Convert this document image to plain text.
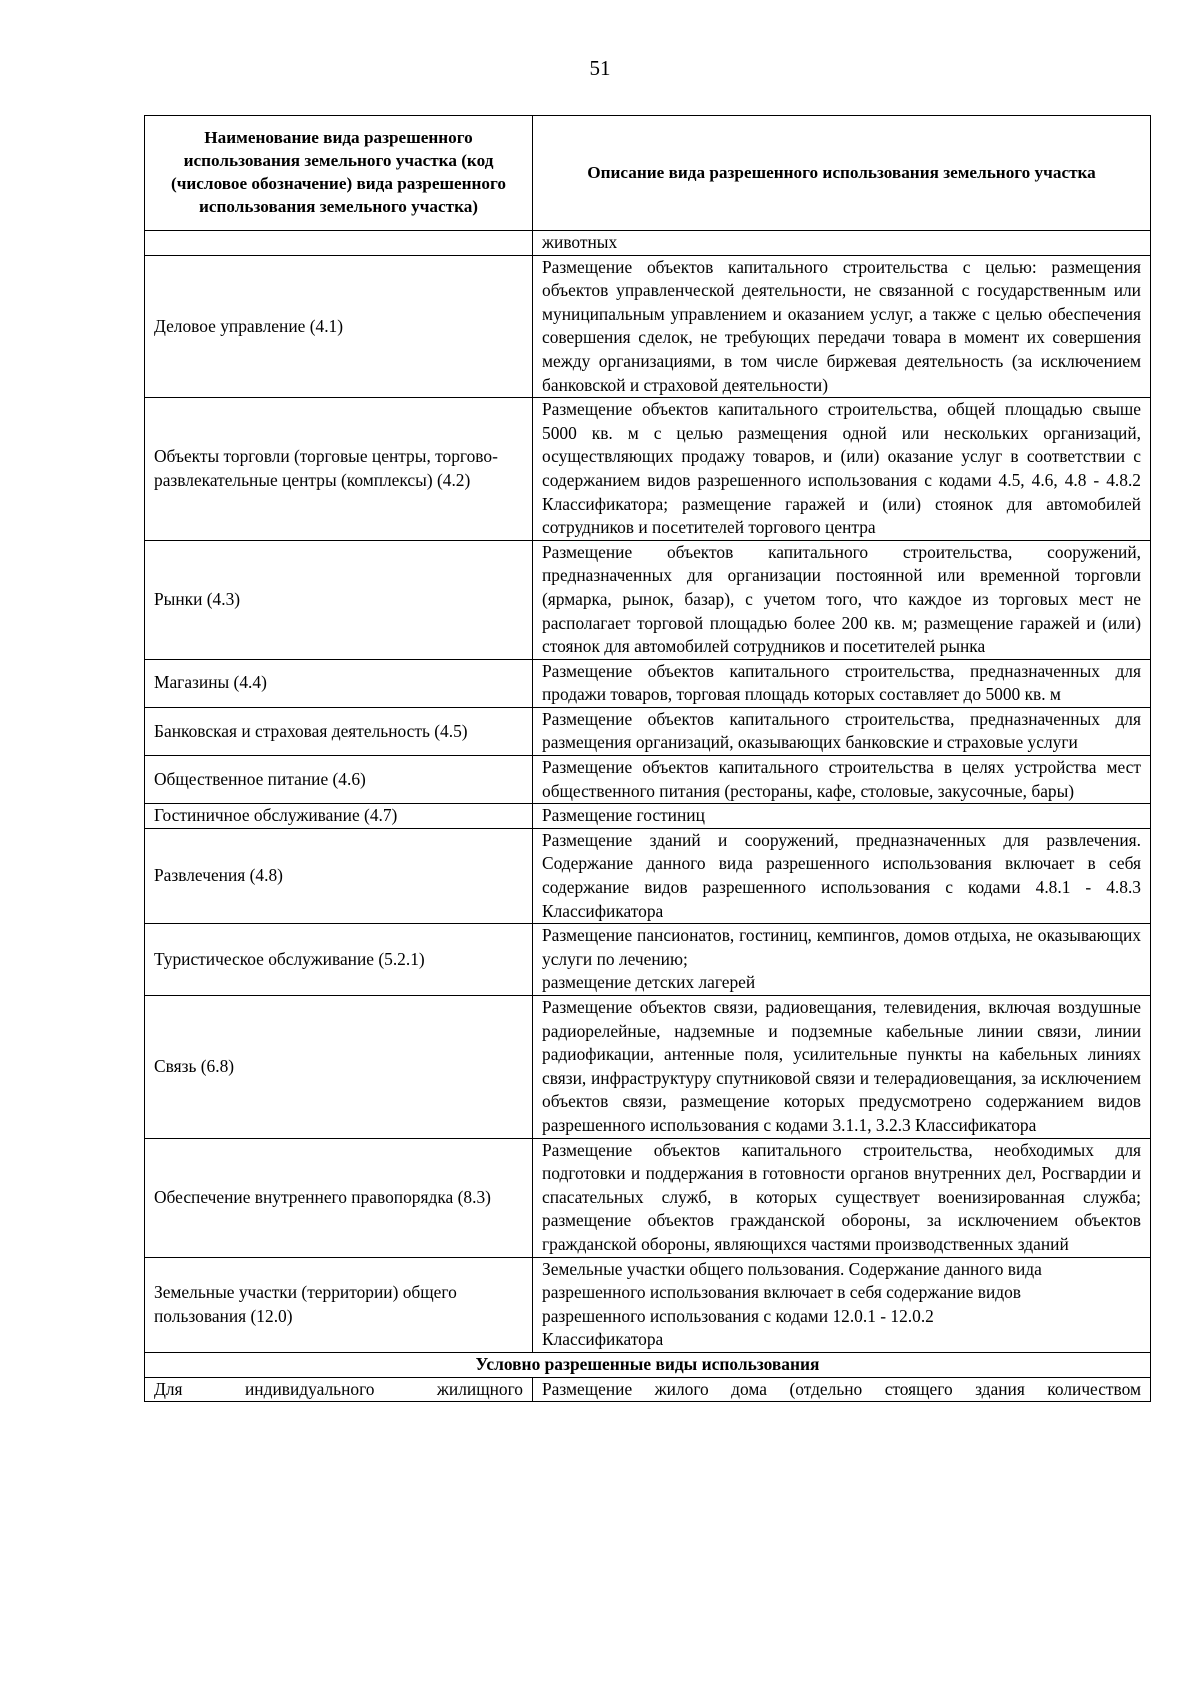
51
Наименование вида разрешенного использования земельного участка (код (числовое обозначение) вида разрешенного использования земельного участка)	Описание вида разрешенного использования земельного участка
	животных
Деловое управление (4.1)	Размещение объектов капитального строительства с целью: размещения объектов управленческой деятельности, не связанной с государственным или муниципальным управлением и оказанием услуг, а также с целью обеспечения совершения сделок, не требующих передачи товара в момент их совершения между организациями, в том числе биржевая деятельность (за исключением банковской и страховой деятельности)
Объекты торговли (торговые центры, торгово-развлекательные центры (комплексы) (4.2)	Размещение объектов капитального строительства, общей площадью свыше 5000 кв. м с целью размещения одной или нескольких организаций, осуществляющих продажу товаров, и (или) оказание услуг в соответствии с содержанием видов разрешенного использования с кодами 4.5, 4.6, 4.8 - 4.8.2 Классификатора; размещение гаражей и (или) стоянок для автомобилей сотрудников и посетителей торгового центра
Рынки (4.3)	Размещение объектов капитального строительства, сооружений, предназначенных для организации постоянной или временной торговли (ярмарка, рынок, базар), с учетом того, что каждое из торговых мест не располагает торговой площадью более 200 кв. м; размещение гаражей и (или) стоянок для автомобилей сотрудников и посетителей рынка
Магазины (4.4)	Размещение объектов капитального строительства, предназначенных для продажи товаров, торговая площадь которых составляет до 5000 кв. м
Банковская и страховая деятельность (4.5)	Размещение объектов капитального строительства, предназначенных для размещения организаций, оказывающих банковские и страховые услуги
Общественное питание (4.6)	Размещение объектов капитального строительства в целях устройства мест общественного питания (рестораны, кафе, столовые, закусочные, бары)
Гостиничное обслуживание (4.7)	Размещение гостиниц
Развлечения (4.8)	Размещение зданий и сооружений, предназначенных для развлечения. Содержание данного вида разрешенного использования включает в себя содержание видов разрешенного использования с кодами 4.8.1 - 4.8.3 Классификатора
Туристическое обслуживание (5.2.1)	Размещение пансионатов, гостиниц, кемпингов, домов отдыха, не оказывающих услуги по лечению;
размещение детских лагерей

Связь (6.8)	Размещение объектов связи, радиовещания, телевидения, включая воздушные радиорелейные, надземные и подземные кабельные линии связи, линии радиофикации, антенные поля, усилительные пункты на кабельных линиях связи, инфраструктуру спутниковой связи и телерадиовещания, за исключением объектов связи, размещение которых предусмотрено содержанием видов разрешенного использования с кодами 3.1.1, 3.2.3 Классификатора
Обеспечение внутреннего правопорядка (8.3)	Размещение объектов капитального строительства, необходимых для подготовки и поддержания в готовности органов внутренних дел, Росгвардии и спасательных служб, в которых существует военизированная служба; размещение объектов гражданской обороны, за исключением объектов гражданской обороны, являющихся частями производственных зданий
Земельные участки (территории) общего пользования (12.0)	Земельные участки общего пользования. Содержание данного вида
разрешенного использования включает в себя содержание видов
разрешенного использования с кодами 12.0.1 - 12.0.2
Классификатора

Условно разрешенные виды использования	
Для индивидуального жилищного	Размещение жилого дома (отдельно стоящего здания количеством
